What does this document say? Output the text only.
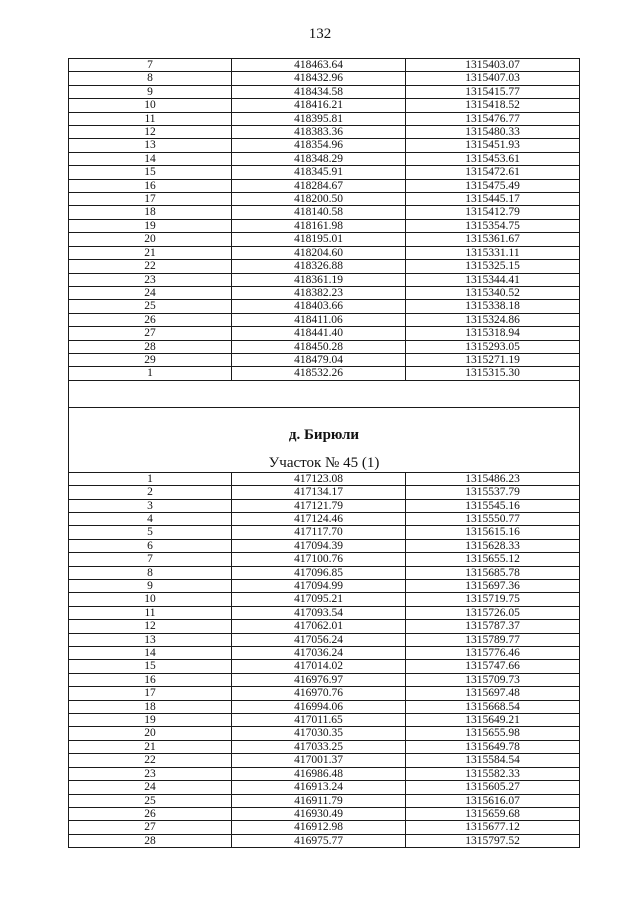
132
7	418463.64	1315403.07
8	418432.96	1315407.03
9	418434.58	1315415.77
10	418416.21	1315418.52
11	418395.81	1315476.77
12	418383.36	1315480.33
13	418354.96	1315451.93
14	418348.29	1315453.61
15	418345.91	1315472.61
16	418284.67	1315475.49
17	418200.50	1315445.17
18	418140.58	1315412.79
19	418161.98	1315354.75
20	418195.01	1315361.67
21	418204.60	1315331.11
22	418326.88	1315325.15
23	418361.19	1315344.41
24	418382.23	1315340.52
25	418403.66	1315338.18
26	418411.06	1315324.86
27	418441.40	1315318.94
28	418450.28	1315293.05
29	418479.04	1315271.19
1	418532.26	1315315.30

д. Бирюли		
Участок № 45 (1)		
1	417123.08	1315486.23
2	417134.17	1315537.79
3	417121.79	1315545.16
4	417124.46	1315550.77
5	417117.70	1315615.16
6	417094.39	1315628.33
7	417100.76	1315655.12
8	417096.85	1315685.78
9	417094.99	1315697.36
10	417095.21	1315719.75
11	417093.54	1315726.05
12	417062.01	1315787.37
13	417056.24	1315789.77
14	417036.24	1315776.46
15	417014.02	1315747.66
16	416976.97	1315709.73
17	416970.76	1315697.48
18	416994.06	1315668.54
19	417011.65	1315649.21
20	417030.35	1315655.98
21	417033.25	1315649.78
22	417001.37	1315584.54
23	416986.48	1315582.33
24	416913.24	1315605.27
25	416911.79	1315616.07
26	416930.49	1315659.68
27	416912.98	1315677.12
28	416975.77	1315797.52
